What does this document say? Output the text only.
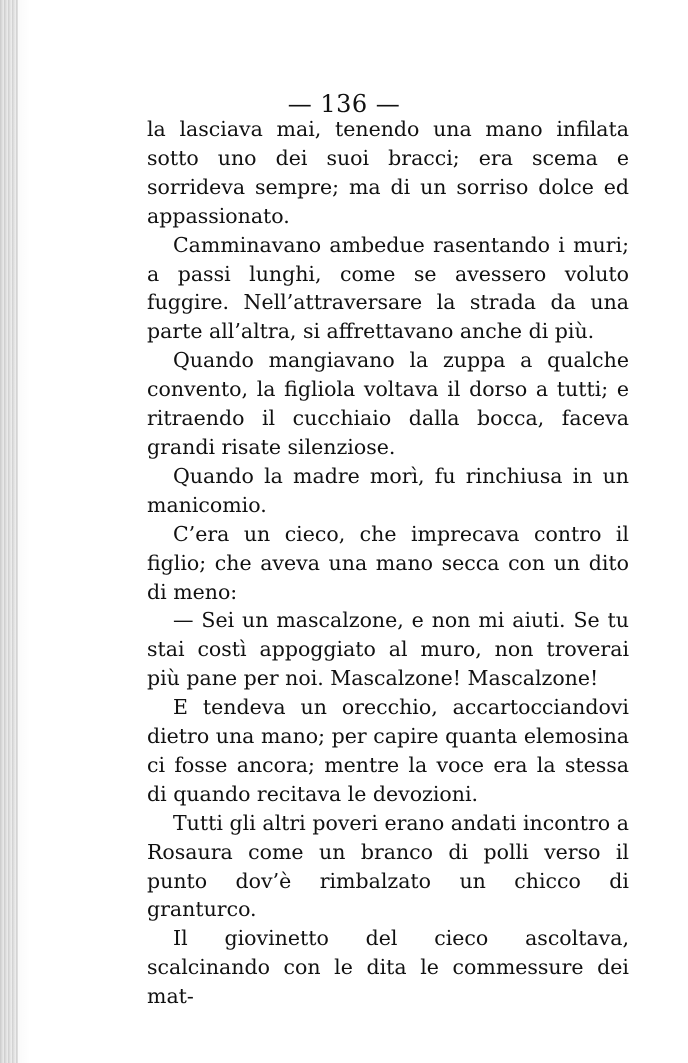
— 136 —

la lasciava mai, tenendo una mano infilata sotto uno dei suoi bracci; era scema e sorrideva sempre; ma di un sorriso dolce ed appassionato.

Camminavano ambedue rasentando i muri; a passi lunghi, come se avessero voluto fuggire. Nell’attraversare la strada da una parte all’altra, si affrettavano anche di più.

Quando mangiavano la zuppa a qualche convento, la figliola voltava il dorso a tutti; e ritraendo il cucchiaio dalla bocca, faceva grandi risate silenziose.

Quando la madre morì, fu rinchiusa in un manicomio.

C’era un cieco, che imprecava contro il figlio; che aveva una mano secca con un dito di meno:

— Sei un mascalzone, e non mi aiuti. Se tu stai costì appoggiato al muro, non troverai più pane per noi. Mascalzone! Mascalzone!

E tendeva un orecchio, accartocciandovi dietro una mano; per capire quanta elemosina ci fosse ancora; mentre la voce era la stessa di quando recitava le devozioni.

Tutti gli altri poveri erano andati incontro a Rosaura come un branco di polli verso il punto dov’è rimbalzato un chicco di granturco.

Il giovinetto del cieco ascoltava, scalcinando con le dita le commessure dei mat-
